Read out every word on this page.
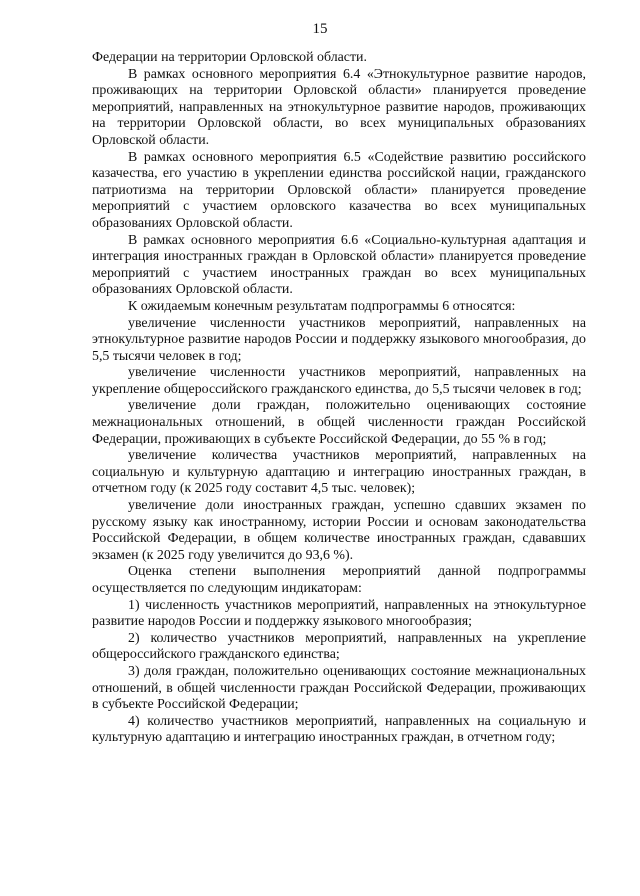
15

Федерации на территории Орловской области.

В рамках основного мероприятия 6.4 «Этнокультурное развитие народов, проживающих на территории Орловской области» планируется проведение мероприятий, направленных на этнокультурное развитие народов, проживающих на территории Орловской области, во всех муниципальных образованиях Орловской области.

В рамках основного мероприятия 6.5 «Содействие развитию российского казачества, его участию в укреплении единства российской нации, гражданского патриотизма на территории Орловской области» планируется проведение мероприятий с участием орловского казачества во всех муниципальных образованиях Орловской области.

В рамках основного мероприятия 6.6 «Социально-культурная адаптация и интеграция иностранных граждан в Орловской области» планируется проведение мероприятий с участием иностранных граждан во всех муниципальных образованиях Орловской области.

К ожидаемым конечным результатам подпрограммы 6 относятся:

увеличение численности участников мероприятий, направленных на этнокультурное развитие народов России и поддержку языкового многообразия, до 5,5 тысячи человек в год;

увеличение численности участников мероприятий, направленных на укрепление общероссийского гражданского единства, до 5,5 тысячи человек в год;

увеличение доли граждан, положительно оценивающих состояние межнациональных отношений, в общей численности граждан Российской Федерации, проживающих в субъекте Российской Федерации, до 55 % в год;

увеличение количества участников мероприятий, направленных на социальную и культурную адаптацию и интеграцию иностранных граждан, в отчетном году (к 2025 году составит 4,5 тыс. человек);

увеличение доли иностранных граждан, успешно сдавших экзамен по русскому языку как иностранному, истории России и основам законодательства Российской Федерации, в общем количестве иностранных граждан, сдававших экзамен (к 2025 году увеличится до 93,6 %).

Оценка степени выполнения мероприятий данной подпрограммы осуществляется по следующим индикаторам:

1) численность участников мероприятий, направленных на этнокультурное развитие народов России и поддержку языкового многообразия;

2) количество участников мероприятий, направленных на укрепление общероссийского гражданского единства;

3) доля граждан, положительно оценивающих состояние межнациональных отношений, в общей численности граждан Российской Федерации, проживающих в субъекте Российской Федерации;

4) количество участников мероприятий, направленных на социальную и культурную адаптацию и интеграцию иностранных граждан, в отчетном году;
